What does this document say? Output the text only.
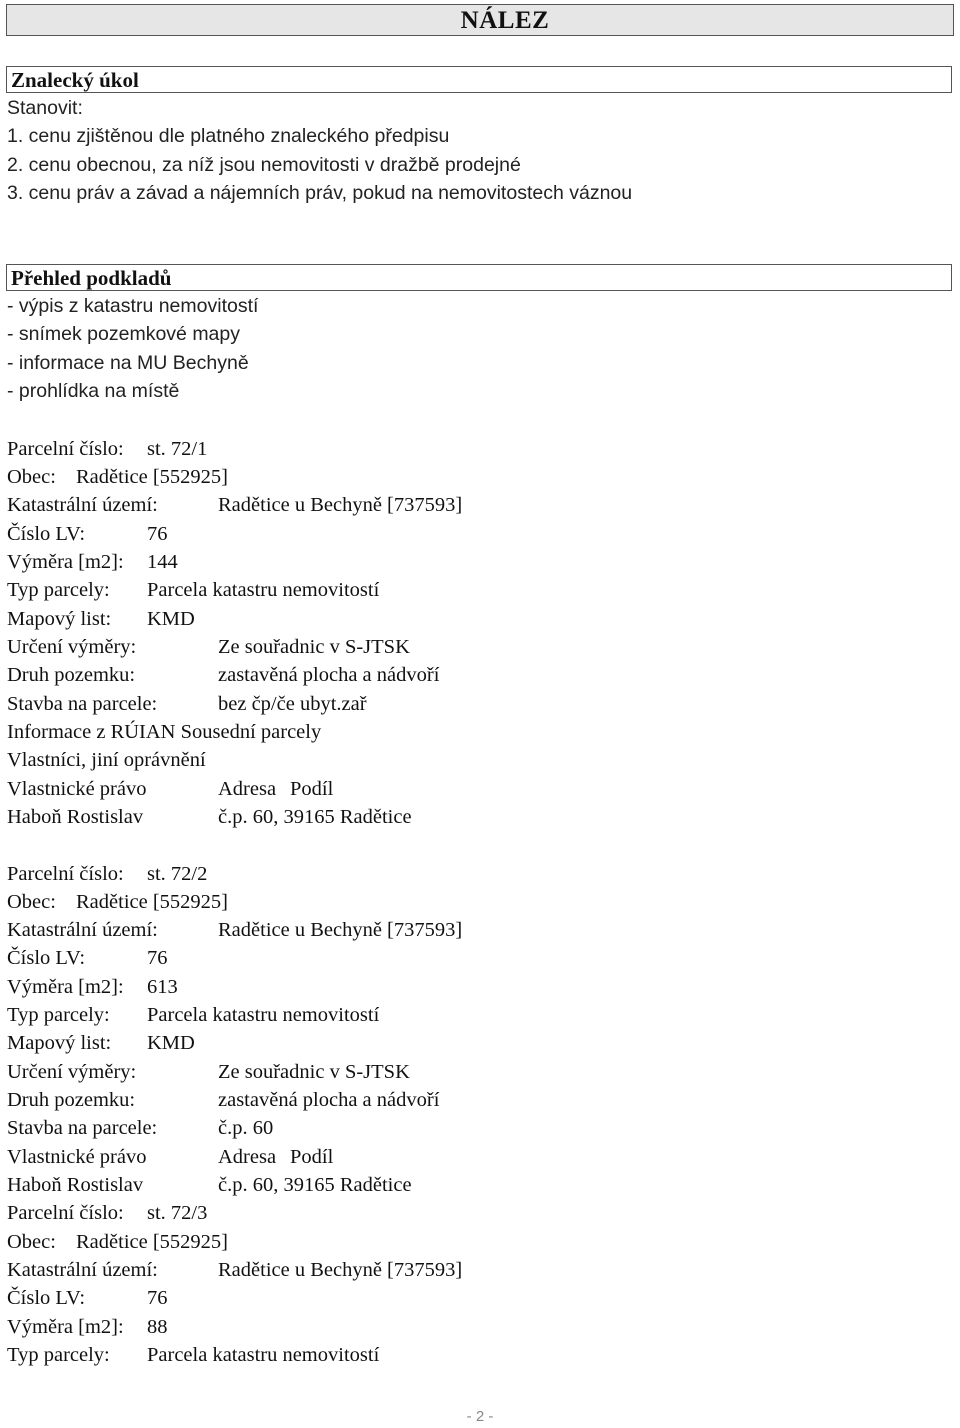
NÁLEZ
Znalecký úkol
Stanovit:
1. cenu zjištěnou dle platného znaleckého předpisu
2. cenu obecnou, za níž jsou nemovitosti v dražbě prodejné
3. cenu práv a závad a nájemních práv, pokud na nemovitostech váznou
Přehled podkladů
- výpis z katastru nemovitostí
- snímek pozemkové mapy
- informace na MU Bechyně
- prohlídka na místě
Parcelní číslo: st. 72/1
Obec: Radětice [552925]
Katastrální území:	Radětice u Bechyně [737593]
Číslo LV:	76
Výměra [m2]: 144
Typ parcely: Parcela katastru nemovitostí
Mapový list: KMD
Určení výměry:	Ze souřadnic v S-JTSK
Druh pozemku:	zastavěná plocha a nádvoří
Stavba na parcele:	bez čp/če ubyt.zař
Informace z RÚIAN Sousední parcely
Vlastníci, jiní oprávnění
Vlastnické právo	Adresa Podíl
Haboň Rostislav	č.p. 60, 39165 Radětice
Parcelní číslo: st. 72/2
Obec: Radětice [552925]
Katastrální území:	Radětice u Bechyně [737593]
Číslo LV:	76
Výměra [m2]: 613
Typ parcely: Parcela katastru nemovitostí
Mapový list: KMD
Určení výměry:	Ze souřadnic v S-JTSK
Druh pozemku:	zastavěná plocha a nádvoří
Stavba na parcele:	č.p. 60
Vlastnické právo	Adresa Podíl
Haboň Rostislav	č.p. 60, 39165 Radětice
Parcelní číslo: st. 72/3
Obec: Radětice [552925]
Katastrální území:	Radětice u Bechyně [737593]
Číslo LV:	76
Výměra [m2]: 88
Typ parcely: Parcela katastru nemovitostí
- 2 -
